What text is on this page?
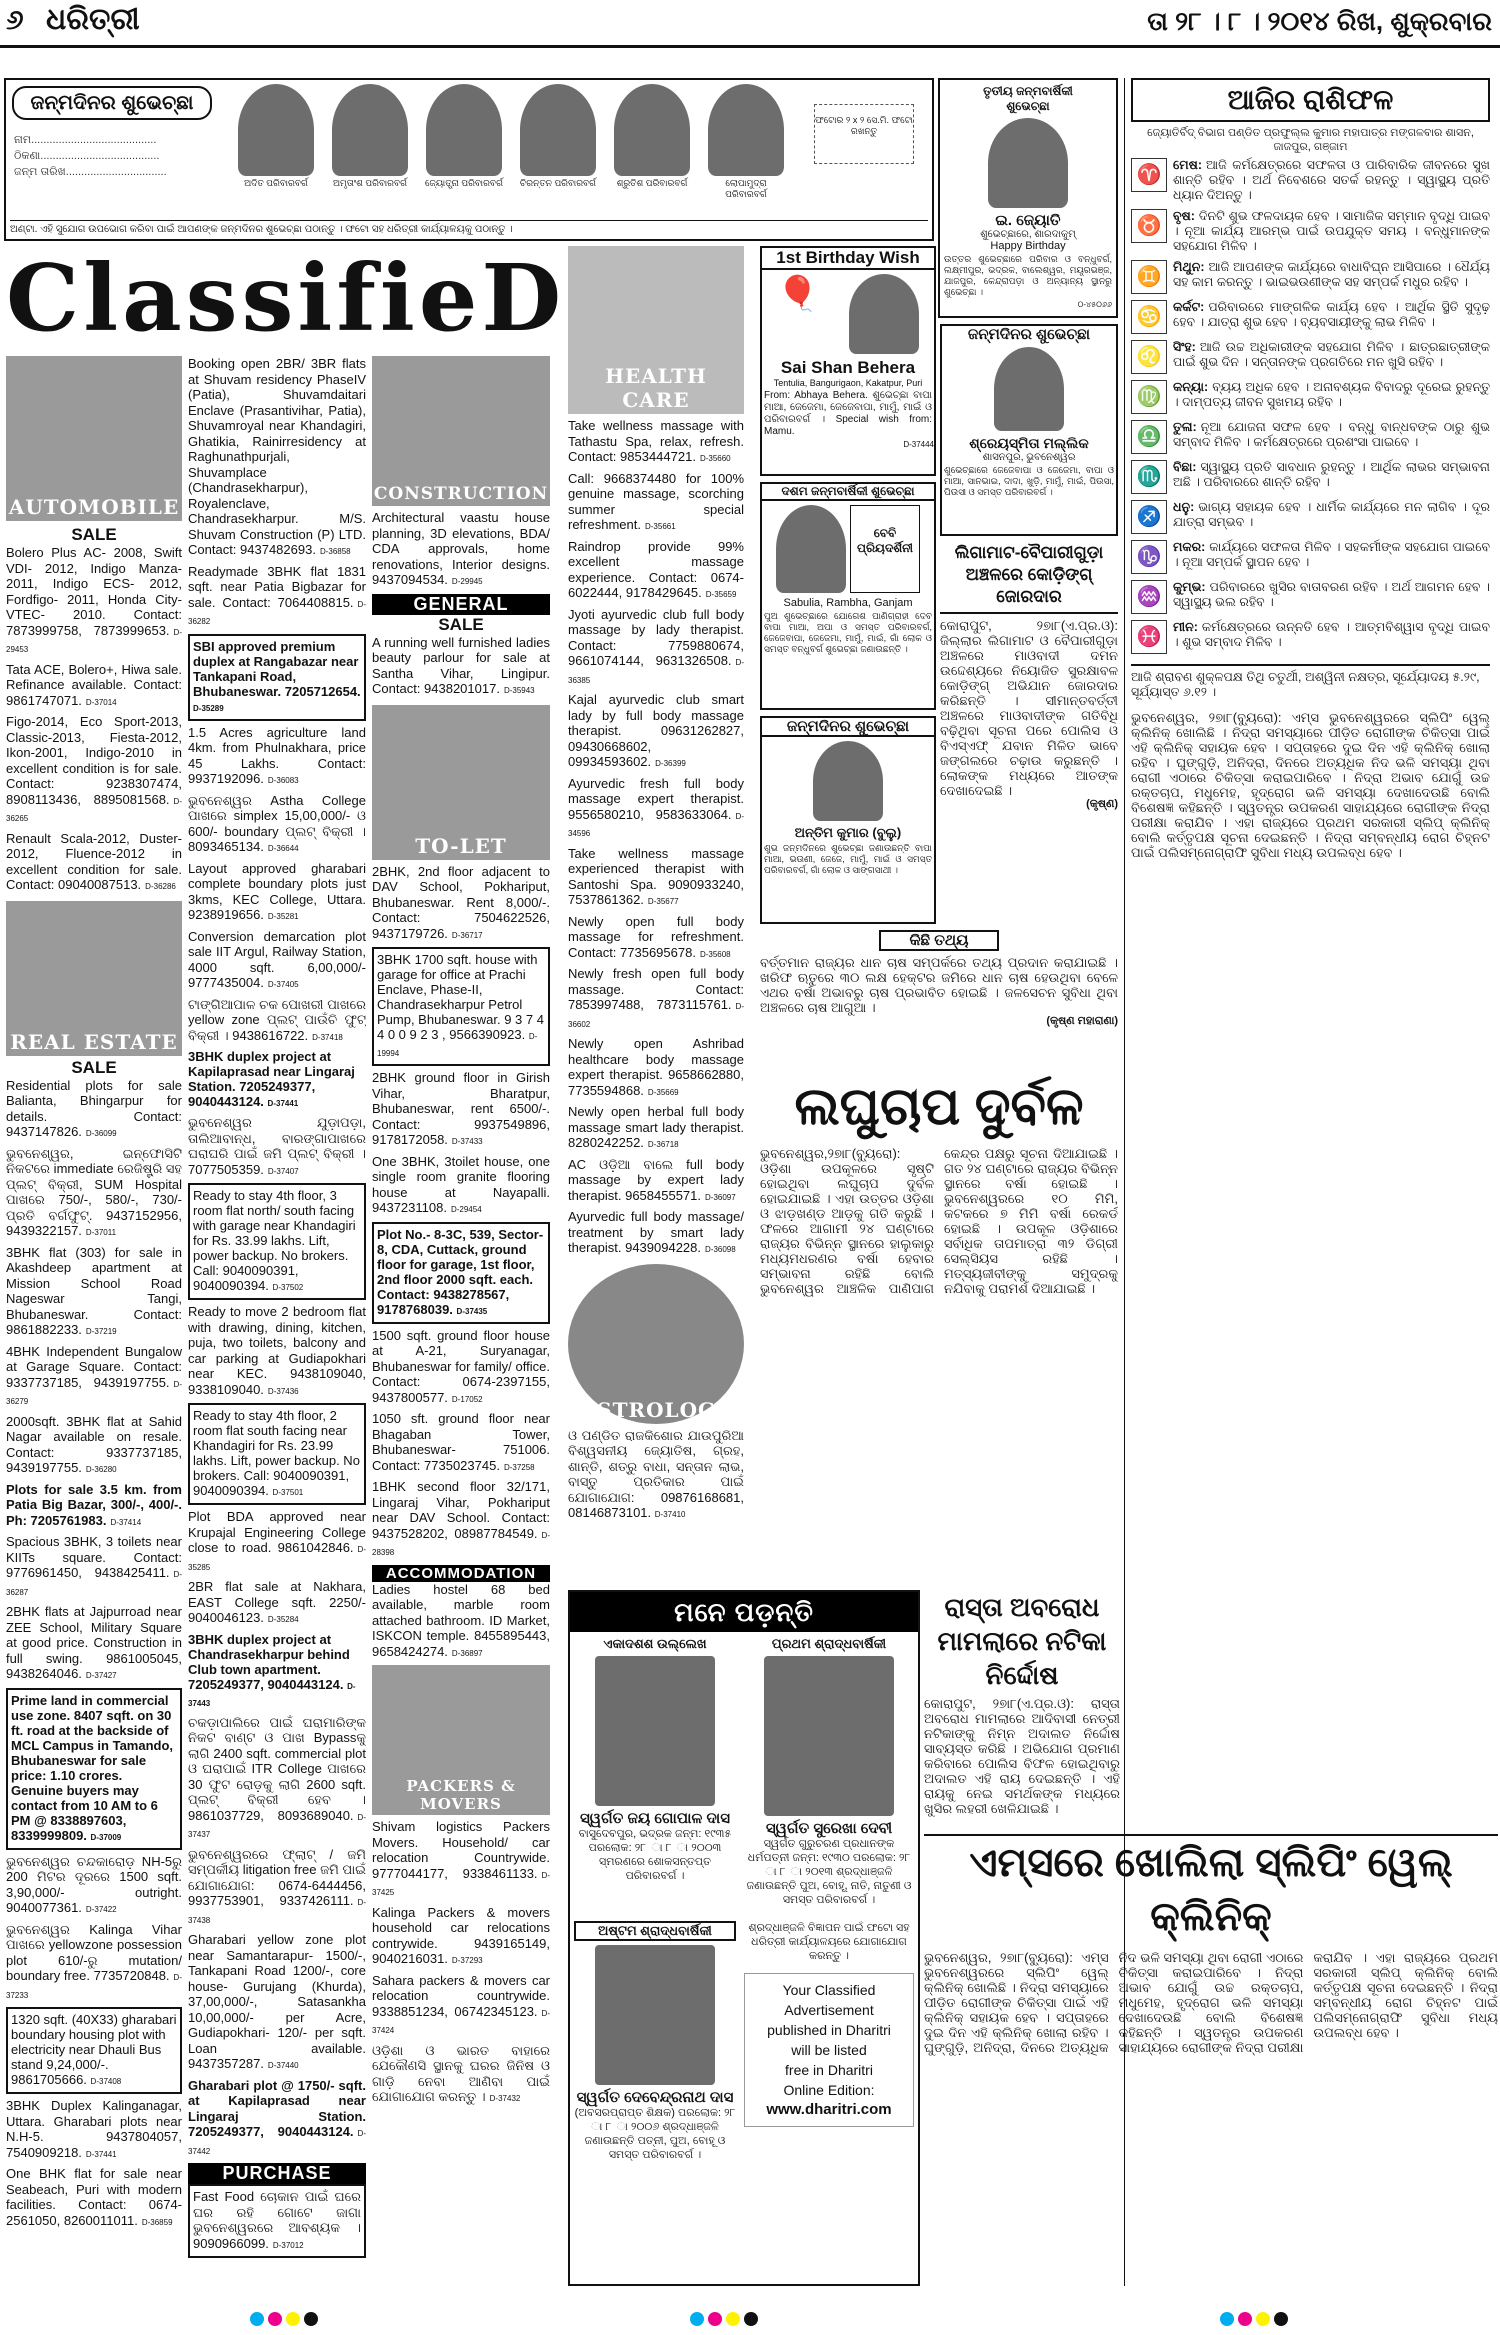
୬ ଧରିତ୍ରୀ	ତା ୨୮ । ୮ । ୨୦୧୪ ରିଖ, ଶୁକ୍ରବାର
ଜନ୍ମଦିନର ଶୁଭେଚ୍ଛା
ନାମ.........................................
ଠିକଣା.......................................
ଜନ୍ମ ତାରିଖ.................................
ଅଦିତ ପରିବାରବର୍ଗ	ଅମୃତାଂଶ ପରିବାରବର୍ଗ	ଜ୍ୟୋତ୍ସ୍ନା ପରିବାରବର୍ଗ ଚିରନ୍ତନ ପରିବାରବର୍ଗ	ଶ୍ରୁତିଶ ପରିବାରବର୍ଗ	ଲୋପାମୁଦ୍ରା ପରିବାରବର୍ଗ
ଫଟୋର ୨ x ୨ ସେ.ମି. ଫଟୋ ରଖନ୍ତୁ
ଅଣ୍ଟା. ଏହି ସୁଯୋଗ ଉପଭୋଗ କରିବା ପାଇଁ ଆପଣଙ୍କ ଜନ୍ମଦିନର ଶୁଭେଚ୍ଛା ପଠାନ୍ତୁ । ଫଟୋ ସହ ଧରିତ୍ରୀ କାର୍ଯ୍ୟାଳୟକୁ ପଠାନ୍ତୁ ।
ତୃତୀୟ ଜନ୍ମବାର୍ଷିକୀ ଶୁଭେଚ୍ଛା
ଇ. ଜ୍ୟୋତି
ଶୁଭେଚ୍ଛାରେ, ଶାରଦାକୁମ୍
Happy Birthday
ଉତ୍ତର ଶୁଭେଚ୍ଛାରେ ପରିବାର ଓ ବନ୍ଧୁବର୍ଗ, ଲକ୍ଷ୍ମୀପୁର, ଭଦ୍ରକ, ବାଲେଶ୍ୱର, ମୟୂରଭଞ୍ଜ, ଯାଜପୁର, କେନ୍ଦ୍ରାପଡ଼ା ଓ ଅନ୍ୟାନ୍ୟ ସ୍ଥାନରୁ ଶୁଭେଚ୍ଛା ।
୦-୪୫୦୬୬
ଆଜିର ରାଶିଫଳ
ଜ୍ୟୋତିର୍ବିଦ୍ ବିଭାଗ ପଣ୍ଡିତ ପ୍ରଫୁଲ୍ଲ କୁମାର ମହାପାତ୍ର ମଙ୍ଗଳବାର ଶାସନ, ଜାଜପୁର, ଗଞ୍ଜାମ
♈ ମେଷ: ଆଜି କର୍ମକ୍ଷେତ୍ରରେ ସଫଳତା ଓ ପାରିବାରିକ ଜୀବନରେ ସୁଖ ଶାନ୍ତି ରହିବ । ଅର୍ଥ ନିବେଶରେ ସତର୍କ ରହନ୍ତୁ । ସ୍ୱାସ୍ଥ୍ୟ ପ୍ରତି ଧ୍ୟାନ ଦିଅନ୍ତୁ ।
♉ ବୃଷ: ଦିନଟି ଶୁଭ ଫଳଦାୟକ ହେବ । ସାମାଜିକ ସମ୍ମାନ ବୃଦ୍ଧି ପାଇବ । ନୂଆ କାର୍ଯ୍ୟ ଆରମ୍ଭ ପାଇଁ ଉପଯୁକ୍ତ ସମୟ । ବନ୍ଧୁମାନଙ୍କ ସହଯୋଗ ମିଳିବ ।
♊ ମିଥୁନ: ଆଜି ଆପଣଙ୍କ କାର୍ଯ୍ୟରେ ବାଧାବିଘ୍ନ ଆସିପାରେ । ଧୈର୍ଯ୍ୟ ସହ କାମ କରନ୍ତୁ । ଭାଇଭଉଣୀଙ୍କ ସହ ସମ୍ପର୍କ ମଧୁର ରହିବ ।
♋ କର୍କଟ: ପରିବାରରେ ମାଙ୍ଗଳିକ କାର୍ଯ୍ୟ ହେବ । ଆର୍ଥିକ ସ୍ଥିତି ସୁଦୃଢ଼ ହେବ । ଯାତ୍ରା ଶୁଭ ହେବ । ବ୍ୟବସାୟୀଙ୍କୁ ଲାଭ ମିଳିବ ।
♌ ସିଂହ: ଆଜି ଉଚ୍ଚ ଅଧିକାରୀଙ୍କ ସହଯୋଗ ମିଳିବ । ଛାତ୍ରଛାତ୍ରୀଙ୍କ ପାଇଁ ଶୁଭ ଦିନ । ସନ୍ତାନଙ୍କ ପ୍ରଗତିରେ ମନ ଖୁସି ରହିବ ।
♍ କନ୍ୟା: ବ୍ୟୟ ଅଧିକ ହେବ । ଅନାବଶ୍ୟକ ବିବାଦରୁ ଦୂରେଇ ରୁହନ୍ତୁ । ଦାମ୍ପତ୍ୟ ଜୀବନ ସୁଖମୟ ରହିବ ।
♎ ତୁଳା: ନୂଆ ଯୋଜନା ସଫଳ ହେବ । ବନ୍ଧୁ ବାନ୍ଧବଙ୍କ ଠାରୁ ଶୁଭ ସମ୍ବାଦ ମିଳିବ । କର୍ମକ୍ଷେତ୍ରରେ ପ୍ରଶଂସା ପାଇବେ ।
♏ ବିଛା: ସ୍ୱାସ୍ଥ୍ୟ ପ୍ରତି ସାବଧାନ ରୁହନ୍ତୁ । ଆର୍ଥିକ ଲାଭର ସମ୍ଭାବନା ଅଛି । ପରିବାରରେ ଶାନ୍ତି ରହିବ ।
♐ ଧନୁ: ଭାଗ୍ୟ ସହାୟକ ହେବ । ଧାର୍ମିକ କାର୍ଯ୍ୟରେ ମନ ଲାଗିବ । ଦୂର ଯାତ୍ରା ସମ୍ଭବ ।
♑ ମକର: କାର୍ଯ୍ୟରେ ସଫଳତା ମିଳିବ । ସହକର୍ମୀଙ୍କ ସହଯୋଗ ପାଇବେ । ନୂଆ ସମ୍ପର୍କ ସ୍ଥାପନ ହେବ ।
♒ କୁମ୍ଭ: ପରିବାରରେ ଖୁସିର ବାତାବରଣ ରହିବ । ଅର୍ଥ ଆଗମନ ହେବ । ସ୍ୱାସ୍ଥ୍ୟ ଭଲ ରହିବ ।
♓ ମୀନ: କର୍ମକ୍ଷେତ୍ରରେ ଉନ୍ନତି ହେବ । ଆତ୍ମବିଶ୍ୱାସ ବୃଦ୍ଧି ପାଇବ । ଶୁଭ ସମ୍ବାଦ ମିଳିବ ।
ଆଜି ଶ୍ରାବଣ ଶୁକ୍ଳପକ୍ଷ ତିଥି ଚତୁର୍ଥୀ, ଅଶ୍ୱିନୀ ନକ୍ଷତ୍ର, ସୂର୍ଯ୍ୟୋଦୟ ୫.୨୯, ସୂର୍ଯ୍ୟାସ୍ତ ୬.୧୨ ।
ଭୁବନେଶ୍ୱର, ୨୭ା୮(ବ୍ୟୁରୋ): ଏମ୍ସ ଭୁବନେଶ୍ୱରରେ ସ୍ଲିପିଂ ୱେଲ୍ କ୍ଲିନିକ୍ ଖୋଲିଛି । ନିଦ୍ରା ସମସ୍ୟାରେ ପୀଡ଼ିତ ରୋଗୀଙ୍କ ଚିକିତ୍ସା ପାଇଁ ଏହି କ୍ଲିନିକ୍ ସହାୟକ ହେବ । ସପ୍ତାହରେ ଦୁଇ ଦିନ ଏହି କ୍ଲିନିକ୍ ଖୋଲା ରହିବ । ଘୁଙ୍ଗୁଡ଼ି, ଅନିଦ୍ରା, ଦିନରେ ଅତ୍ୟଧିକ ନିଦ ଭଳି ସମସ୍ୟା ଥିବା ରୋଗୀ ଏଠାରେ ଚିକିତ୍ସା କରାଇପାରିବେ । ନିଦ୍ରା ଅଭାବ ଯୋଗୁଁ ଉଚ୍ଚ ରକ୍ତଚାପ, ମଧୁମେହ, ହୃଦ୍‌ରୋଗ ଭଳି ସମସ୍ୟା ଦେଖାଦେଉଛି ବୋଲି ବିଶେଷଜ୍ଞ କହିଛନ୍ତି । ସ୍ୱତନ୍ତ୍ର ଉପକରଣ ସାହାଯ୍ୟରେ ରୋଗୀଙ୍କ ନିଦ୍ରା ପରୀକ୍ଷା କରାଯିବ । ଏହା ରାଜ୍ୟରେ ପ୍ରଥମ ସରକାରୀ ସ୍ଲିପ୍ କ୍ଲିନିକ୍ ବୋଲି କର୍ତ୍ତୃପକ୍ଷ ସୂଚନା ଦେଇଛନ୍ତି । ନିଦ୍ରା ସମ୍ବନ୍ଧୀୟ ରୋଗ ଚିହ୍ନଟ ପାଇଁ ପଲିସମ୍ନୋଗ୍ରାଫି ସୁବିଧା ମଧ୍ୟ ଉପଲବ୍ଧ ହେବ ।
ClassifieD
AUTOMOBILE
SALE
Bolero Plus AC- 2008, Swift VDI- 2012, Indigo Manza- 2011, Indigo ECS- 2012, Fordfigo- 2011, Honda City- VTEC- 2010. Contact: 7873999758, 7873999653. D-29453
Tata ACE, Bolero+, Hiwa sale. Refinance available. Contact: 9861747071. D-37014
Figo-2014, Eco Sport-2013, Classic-2013, Fiesta-2012, Ikon-2001, Indigo-2010 in excellent condition is for sale. Contact: 9238307474, 8908113436, 8895081568. D-36265
Renault Scala-2012, Duster-2012, Fluence-2012 in excellent condition for sale. Contact: 09040087513. D-36286
REAL ESTATE
SALE
Residential plots for sale Baliantа, Bhingarpur for details. Contact: 9437147826. D-36099
ଭୁବନେଶ୍ୱର, ଇନ୍ଫୋସିଟି ନିକଟରେ immediate ରେଜିଷ୍ଟ୍ରି ସହ ପ୍ଲଟ୍ ବିକ୍ରୀ, SUM Hospital ପାଖରେ 750/-, 580/-, 730/- ପ୍ରତି ବର୍ଗଫୁଟ୍. 9437152956, 9439322157. D-37011
3BHK flat (303) for sale in Akashdeep apartment at Mission School Road Nageswar Tangi, Bhubaneswar. Contact: 9861882233. D-37219
4BHK Independent Bungalow at Garage Square. Contact: 9337737185, 9439197755. D-36279
2000sqft. 3BHK flat at Sahid Nagar available on resale. Contact: 9337737185, 9439197755. D-36280
Plots for sale 3.5 km. from Patia Big Bazar, 300/-, 400/-. Ph: 7205761983. D-37414
Spacious 3BHK, 3 toilets near KIITs square. Contact: 9776961450, 9438425411. D-36287
2BHK flats at Jajpurroad near ZEE School, Military Square at good price. Construction in full swing. 9861005045, 9438264046. D-37427
Prime land in commercial use zone. 8407 sqft. on 30 ft. road at the backside of MCL Campus in Tamando, Bhubaneswar for sale price: 1.10 crores. Genuine buyers may contact from 10 AM to 6 PM @ 8338897603, 8339999809. D-37009
ଭୁବନେଶ୍ୱର ଚନ୍ଦକାରୋଡ଼ NH-5ରୁ 200 ମିଟର ଦୂରରେ 1500 sqft. 3,90,000/- outright. 9040077361. D-37422
ଭୁବନେଶ୍ୱର Kalinga Vihar ପାଖରେ yellowzone possession plot 610/-ରୁ mutation/ boundary free. 7735720848. D-37233
1320 sqft. (40X33) gharabari boundary housing plot with electricity near Dhauli Bus stand 9,24,000/-. 9861705666. D-37408
3BHK Duplex Kalinganagar, Uttara. Gharabari plots near N.H-5. 9437804057, 7540909218. D-37441
One BHK flat for sale near Seabeach, Puri with modern facilities. Contact: 0674-2561050, 8260011011. D-36859
Booking open 2BR/ 3BR flats at Shuvam residency PhaseIV (Patia), Shuvamdaitari Enclave (Prasantivihar, Patia), Shuvamroyal near Khandagiri, Ghatikia, Rainirresidency at Raghunathpurjali, Shuvamplace (Chandrasekharpur), Royalenclave, Chandrasekharpur. M/S. Shuvam Construction (P) LTD. Contact: 9437482693. D-36858
Readymade 3BHK flat 1831 sqft. near Patia Bigbazar for sale. Contact: 7064408815. D-36282
SBI approved premium duplex at Rangabazar near Tankapani Road, Bhubaneswar. 7205712654. D-35289
1.5 Acres agriculture land 4km. from Phulnakhara, price 45 Lakhs. Contact: 9937192096. D-36083
ଭୁବନେଶ୍ୱର Astha College ପାଖରେ simplex 15,00,000/- ଓ 600/- boundary ପ୍ଲଟ୍ ବିକ୍ରୀ । 8093465134. D-36644
Layout approved gharabari complete boundary plots just 3kms, KEC College, Uttara. 9238919656. D-35281
Conversion demarcation plot sale IIT Argul, Railway Station, 4000 sqft. 6,00,000/- 9777435004. D-37405
ଟାଙ୍ଗିଆପାଳ ଚକ ପୋଖରୀ ପାଖରେ yellow zone ପ୍ଲଟ୍ ପାଉଁଚି ଫୁଟ୍ ବିକ୍ରୀ । 9438616722. D-37418
3BHK duplex project at Kapilaprasad near Lingaraj Station. 7205249377, 9040443124. D-37441
ଭୁବନେଶ୍ୱର ଯୁଡ଼ାପଡ଼ା, ତାଲିଆବାନ୍ଧ, ବାରଙ୍ଗାପାଖରେ ଘରାଘରି ପାଇଁ ଜମି ପ୍ଲଟ୍ ବିକ୍ରୀ । 7077505359. D-37407
Ready to stay 4th floor, 3 room flat north/ south facing with garage near Khandagiri for Rs. 33.99 lakhs. Lift, power backup. No brokers. Call: 9040090391, 9040090394. D-37502
Ready to move 2 bedroom flat with drawing, dining, kitchen, puja, two toilets, balcony and car parking at Gudiapokhari near KEC. 9438109040, 9338109040. D-37436
Ready to stay 4th floor, 2 room flat south facing near Khandagiri for Rs. 23.99 lakhs. Lift, power backup. No brokers. Call: 9040090391, 9040090394. D-37501
Plot BDA approved near Krupajal Engineering College close to road. 9861042846. D-35285
2BR flat sale at Nakhara, EAST College sqft. 2250/- 9040046123. D-35284
3BHK duplex project at Chandrasekharpur behind Club town apartment. 7205249377, 9040443124. D-37443
ଚକଡ଼ାପାଲିରେ ପାଇଁ ଘରାମାରିଙ୍କ ନିକଟ ବାଣ୍ଟ ଓ ପାଖ Bypassକୁ ଲାଗି 2400 sqft. commercial plot ଓ ଘରାପାଇଁ ITR College ପାଖରେ 30 ଫୁଟ ରୋଡ଼କୁ ଲାଗି 2600 sqft. ପ୍ଲଟ୍ ବିକ୍ରୀ ହେବ । 9861037729, 8093689040. D-37437
ଭୁବନେଶ୍ୱରରେ ଫ୍ଲାଟ୍ / ଜମି ସମ୍ପର୍କୀୟ litigation free ଜମି ପାଇଁ ଯୋଗାଯୋଗ: 0674-6444456, 9937753901, 9337426111. D-37438
Gharabari yellow zone plot near Samantarapur- 1500/-, Tankapani Road 1200/-, core house- Gurujang (Khurda), 37,00,000/-, Satasankha 10,00,000/- per Acre, Gudiapokhari- 120/- per sqft. Loan available. 9437357287. D-37440
Gharabari plot @ 1750/- sqft. at Kapilaprasad near Lingaraj Station. 7205249377, 9040443124. D-37442
PURCHASE
Fast Food ଚୋକାନ ପାଇଁ ଘରେ ଘର ରହି ଗୋଟେ ଜାଗା ଭୁବନେଶ୍ୱରରେ ଆବଶ୍ୟକ । 9090966099. D-37012
CONSTRUCTION
Architectural vaastu house planning, 3D elevations, BDA/ CDA approvals, home renovations, Interior designs. 9437094534. D-29945
GENERAL
SALE
A running well furnished ladies beauty parlour for sale at Santha Vihar, Lingipur. Contact: 9438201017. D-35943
TO-LET
2BHK, 2nd floor adjacent to DAV School, Pokhariput, Bhubaneswar. Rent 8,000/-. Contact: 7504622526, 9437179726. D-36717
3BHK 1700 sqft. house with garage for office at Prachi Enclave, Phase-II, Chandrasekharpur Petrol Pump, Bhubaneswar. 9 3 7 4 4 0 0 9 2 3 , 9566390923. D-19994
2BHK ground floor in Girish Vihar, Bharatpur, Bhubaneswar, rent 6500/-. Contact: 9937549896, 9178172058. D-37433
One 3BHK, 3toilet house, one single room granite flooring house at Nayapalli. 9437231108. D-29454
Plot No.- 8-3C, 539, Sector-8, CDA, Cuttack, ground floor for garage, 1st floor, 2nd floor 2000 sqft. each. Contact: 9438278567, 9178768039. D-37435
1500 sqft. ground floor house at A-21, Suryanagar, Bhubaneswar for family/ office. Contact: 0674-2397155, 9437800577. D-17052
1050 sft. ground floor near Bhagaban Tower, Bhubaneswar- 751006. Contact: 7735023745. D-37258
1BHK second floor 32/171, Lingaraj Vihar, Pokhariput near DAV School. Contact: 9437528202, 08987784549. D-28398
ACCOMMODATION
Ladies hostel 68 bed available, marble room attached bathroom. ID Market, ISKCON temple. 8455895443, 9658424274. D-36897
PACKERS & MOVERS
Shivam logistics Packers Movers. Household/ car relocation Countrywide. 9777044177, 9338461133. D-37425
Kalinga Packers & movers household car relocations contrywide. 9439165149, 9040216031. D-37293
Sahara packers & movers car relocation countrywide. 9338851234, 06742345123. D-37424
ଓଡ଼ିଶା ଓ ଭାରତ ବାହାରେ ଯେକୌଣସି ସ୍ଥାନକୁ ଘରର ଜିନିଷ ଓ ଗାଡ଼ି ନେବା ଆଣିବା ପାଇଁ ଯୋଗାଯୋଗ କରନ୍ତୁ । D-37432
HEALTH CARE
Take wellness massage with Tathastu Spa, relax, refresh. Contact: 9853444721. D-35660
Call: 9668374480 for 100% genuine massage, scorching summer special refreshment. D-35661
Raindrop provide 99% excellent massage experience. Contact: 0674-6022444, 9178429645. D-35659
Jyoti ayurvedic club full body massage by lady therapist. Contact: 7759880674, 9661074144, 9631326508. D-36385
Kajal ayurvedic club smart lady by full body massage therapist. 09631262827, 09430668602, 09934593602. D-36399
Ayurvedic fresh full body massage expert therapist. 9556580210, 9583633064. D-34596
Take wellness massage experienced therapist with Santoshi Spa. 9090933240, 7537861362. D-35677
Newly open full body massage for refreshment. Contact: 7735695678. D-35608
Newly fresh open full body massage. Contact: 7853997488, 7873115761. D-36602
Newly open Ashribad healthcare body massage expert therapist. 9658662880, 7735594868. D-35669
Newly open herbal full body massage smart lady therapist. 8280242252. D-36718
AC ଓଡ଼ିଆ ବାଲେ full body massage by expert lady therapist. 9658455571. D-36097
Ayurvedic full body massage/ treatment by smart lady therapist. 9439094228. D-36098
ASTROLOGY
ଓ ପଣ୍ଡିତ ରାଜକିଶୋର ଯାଉପୁରିଆ ବିଶ୍ୱସନୀୟ ଜ୍ୟୋତିଷ, ଗ୍ରହ, ଶାନ୍ତି, ଶତ୍ରୁ ବାଧା, ସନ୍ତାନ ଲାଭ, ବାସ୍ତୁ ପ୍ରତିକାର ପାଇଁ ଯୋଗାଯୋଗ: 09876168681, 08146873101. D-37410
1st Birthday Wish
🎈
Sai Shan Behera
Tentulia, Bangurigaon, Kakatpur, Puri
From: Abhaya Behera. ଶୁଭେଚ୍ଛା ବାପା ମାଆ, ଜେଜେମା, ଜେଜେବାପା, ମାମୁଁ, ମାଇଁ ଓ ପରିବାରବର୍ଗ । Special wish from: Mamu.
D-37444
ଦଶମ ଜନ୍ମବାର୍ଷିକୀ ଶୁଭେଚ୍ଛା
ବେବି ପ୍ରିୟଦର୍ଶିନୀ
Sabulia, Rambha, Ganjam
ପୁଅ ଶୁଭେଚ୍ଛାରେ ଯୋଗେଶ ପାଣିଗ୍ରାହୀ ଦେବ ବାପା ମାଆ, ଅପା ଓ ସମସ୍ତ ପରିବାରବର୍ଗ, ଜେଜେବାପା, ଜେଜେମା, ମାମୁଁ, ମାଇଁ, ଗାଁ ଲୋକ ଓ ସମସ୍ତ ବନ୍ଧୁବର୍ଗ ଶୁଭେଚ୍ଛା ଜଣାଉଛନ୍ତି ।
ଜନ୍ମଦିନର ଶୁଭେଚ୍ଛା
ଅନ୍ତିମ କୁମାର (ବୁଲୁ)
ଶୁଭ ଜନ୍ମଦିନରେ ଶୁଭେଚ୍ଛା ଜଣାଉଛନ୍ତି ବାପା ମାଆ, ଭଉଣୀ, ଜେଜେ, ମାମୁଁ, ମାଇଁ ଓ ସମସ୍ତ ପରିବାରବର୍ଗ, ଗାଁ ଲୋକ ଓ ସାଙ୍ଗସାଥୀ ।
ଜନ୍ମଦିନର ଶୁଭେଚ୍ଛା
ଶ୍ରେୟସ୍ମିତା ମଲ୍ଲିକ
ଶାସନପୁର, ଭୁବନେଶ୍ୱର
ଶୁଭେଚ୍ଛାରେ ଜେଜେବାପା ଓ ଜେଜେମା, ବାପା ଓ ମାଆ, ସାନଭାଇ, ଦାଦା, ଖୁଡ଼ି, ମାମୁଁ, ମାଇଁ, ପିଉସା, ପିଉସୀ ଓ ସମସ୍ତ ପରିବାରବର୍ଗ ।
ଲିଗାମାଟ-ବୈପାରୀଗୁଡ଼ା ଅଞ୍ଚଳରେ କୋଡ଼ିଙ୍ଗ୍ ଜୋରଦାର
କୋରାପୁଟ, ୨୭ା୮(ଏ.ପ୍ର.ଓ): ଜିଲ୍ଲାର ଲିଗାମାଟ ଓ ବୈପାରୀଗୁଡ଼ା ଅଞ୍ଚଳରେ ମାଓବାଦୀ ଦମନ ଉଦ୍ଦେଶ୍ୟରେ ନିୟୋଜିତ ସୁରକ୍ଷାବଳ କୋଡ଼ିଙ୍ଗ୍ ଅଭିଯାନ ଜୋରଦାର କରିଛନ୍ତି । ସୀମାନ୍ତବର୍ତ୍ତୀ ଅଞ୍ଚଳରେ ମାଓବାଦୀଙ୍କ ଗତିବିଧି ବଢ଼ିଥିବା ସୂଚନା ପରେ ପୋଲିସ ଓ ବିଏସ୍ଏଫ୍ ଯବାନ ମିଳିତ ଭାବେ ଜଙ୍ଗଲରେ ଚଢ଼ାଉ କରୁଛନ୍ତି । ଲୋକଙ୍କ ମଧ୍ୟରେ ଆତଙ୍କ ଦେଖାଦେଇଛି ।
(କୃଷ୍ଣ)
କିଛି ତଥ୍ୟ
ବର୍ତ୍ତମାନ ରାଜ୍ୟର ଧାନ ଚାଷ ସମ୍ପର୍କରେ ତଥ୍ୟ ପ୍ରଦାନ କରାଯାଇଛି । ଖରିଫ ଋତୁରେ ୩୦ ଲକ୍ଷ ହେକ୍ଟର ଜମିରେ ଧାନ ଚାଷ ହେଉଥିବା ବେଳେ ଏଥର ବର୍ଷା ଅଭାବରୁ ଚାଷ ପ୍ରଭାବିତ ହୋଇଛି । ଜଳସେଚନ ସୁବିଧା ଥିବା ଅଞ୍ଚଳରେ ଚାଷ ଆଗୁଆ ।
(କୃଷ୍ଣ ମହାରାଣା)
ଲଘୁଚାପ ଦୁର୍ବଳ
ଭୁବନେଶ୍ୱର,୨୭ା୮(ବ୍ୟୁରୋ): ଓଡ଼ିଶା ଉପକୂଳରେ ସୃଷ୍ଟି ହୋଇଥିବା ଲଘୁଚାପ ଦୁର୍ବଳ ହୋଇଯାଇଛି । ଏହା ଉତ୍ତର ଓଡ଼ିଶା ଓ ଝାଡ଼ଖଣ୍ଡ ଆଡ଼କୁ ଗତି କରୁଛି । ଫଳରେ ଆଗାମୀ ୨୪ ଘଣ୍ଟାରେ ରାଜ୍ୟର ବିଭିନ୍ନ ସ୍ଥାନରେ ହାଲୁକାରୁ ମଧ୍ୟମଧରଣର ବର୍ଷା ହେବାର ସମ୍ଭାବନା ରହିଛି ବୋଲି ଭୁବନେଶ୍ୱର ଆଞ୍ଚଳିକ ପାଣିପାଗ କେନ୍ଦ୍ର ପକ୍ଷରୁ ସୂଚନା ଦିଆଯାଇଛି । ଗତ ୨୪ ଘଣ୍ଟାରେ ରାଜ୍ୟର ବିଭିନ୍ନ ସ୍ଥାନରେ ବର୍ଷା ହୋଇଛି । ଭୁବନେଶ୍ୱରରେ ୧୦ ମିମି, କଟକରେ ୭ ମିମି ବର୍ଷା ରେକର୍ଡ ହୋଇଛି । ଉପକୂଳ ଓଡ଼ିଶାରେ ସର୍ବାଧିକ ତାପମାତ୍ରା ୩୨ ଡିଗ୍ରୀ ସେଲ୍ସିୟସ ରହିଛି । ମତ୍ସ୍ୟଜୀବୀଙ୍କୁ ସମୁଦ୍ରକୁ ନଯିବାକୁ ପରାମର୍ଶ ଦିଆଯାଇଛି ।
ମନେ ପଡ଼ନ୍ତି
ଏକାଦଶଶ ଉଲ୍ଲେଖ
ସ୍ୱର୍ଗତ ଜୟ ଗୋପାଳ ଦାସ
ବାସୁଦେବପୁର, ଭଦ୍ରକ ଜନ୍ମ: ୧୯୩୫ ପରଲୋକ: ୨୮ ା ୮ ା ୨୦୦୩ ସ୍ମରଣରେ ଶୋକସନ୍ତପ୍ତ ପରିବାରବର୍ଗ ।
ପ୍ରଥମ ଶ୍ରାଦ୍ଧବାର୍ଷିକୀ
ସ୍ୱର୍ଗତ ସୁରେଖା ଦେବୀ
ସ୍ୱର୍ଗତ ଗୁରୁଚରଣ ପ୍ରଧାନଙ୍କ ଧର୍ମପତ୍ନୀ ଜନ୍ମ: ୧୯୩୦ ପରଲୋକ: ୨୮ ା ୮ ା ୨୦୧୩ ଶ୍ରଦ୍ଧାଞ୍ଜଳି ଜଣାଉଛନ୍ତି ପୁଅ, ବୋହୂ, ନାତି, ନାତୁଣୀ ଓ ସମସ୍ତ ପରିବାରବର୍ଗ ।
ଅଷ୍ଟମ ଶ୍ରାଦ୍ଧବାର୍ଷିକୀ
ସ୍ୱର୍ଗତ ଦେବେନ୍ଦ୍ରନାଥ ଦାସ
(ଅବସରପ୍ରାପ୍ତ ଶିକ୍ଷକ) ପରଲୋକ: ୨୮ ା ୮ ା ୨୦୦୬ ଶ୍ରଦ୍ଧାଞ୍ଜଳି ଜଣାଉଛନ୍ତି ପତ୍ନୀ, ପୁଅ, ବୋହୂ ଓ ସମସ୍ତ ପରିବାରବର୍ଗ ।
ଶ୍ରଦ୍ଧାଞ୍ଜଳି ବିଜ୍ଞାପନ ପାଇଁ ଫଟୋ ସହ ଧରିତ୍ରୀ କାର୍ଯ୍ୟାଳୟରେ ଯୋଗାଯୋଗ କରନ୍ତୁ ।
Your Classified
Advertisement
published in Dharitri
will be listed
free in Dharitri
Online Edition:
www.dharitri.com
ରାସ୍ତା ଅବରୋଧ ମାମଲାରେ ନଟିକା ନିର୍ଦ୍ଦୋଷ
କୋରାପୁଟ, ୨୭ା୮(ଏ.ପ୍ର.ଓ): ରାସ୍ତା ଅବରୋଧ ମାମଲାରେ ଆଦିବାସୀ ନେତ୍ରୀ ନଟିକାଙ୍କୁ ନିମ୍ନ ଅଦାଲତ ନିର୍ଦ୍ଦୋଷ ସାବ୍ୟସ୍ତ କରିଛି । ଅଭିଯୋଗ ପ୍ରମାଣ କରିବାରେ ପୋଲିସ ବିଫଳ ହୋଇଥିବାରୁ ଅଦାଲତ ଏହି ରାୟ ଦେଇଛନ୍ତି । ଏହି ରାୟକୁ ନେଇ ସମର୍ଥକଙ୍କ ମଧ୍ୟରେ ଖୁସିର ଲହରୀ ଖେଳିଯାଇଛି ।
ଏମ୍ସରେ ଖୋଲିଲା ସ୍ଲିପିଂ ୱେଲ୍ କ୍ଲିନିକ୍
ଭୁବନେଶ୍ୱର, ୨୭ା୮(ବ୍ୟୁରୋ): ଏମ୍ସ ଭୁବନେଶ୍ୱରରେ ସ୍ଲିପିଂ ୱେଲ୍ କ୍ଲିନିକ୍ ଖୋଲିଛି । ନିଦ୍ରା ସମସ୍ୟାରେ ପୀଡ଼ିତ ରୋଗୀଙ୍କ ଚିକିତ୍ସା ପାଇଁ ଏହି କ୍ଲିନିକ୍ ସହାୟକ ହେବ । ସପ୍ତାହରେ ଦୁଇ ଦିନ ଏହି କ୍ଲିନିକ୍ ଖୋଲା ରହିବ । ଘୁଙ୍ଗୁଡ଼ି, ଅନିଦ୍ରା, ଦିନରେ ଅତ୍ୟଧିକ ନିଦ ଭଳି ସମସ୍ୟା ଥିବା ରୋଗୀ ଏଠାରେ ଚିକିତ୍ସା କରାଇପାରିବେ । ନିଦ୍ରା ଅଭାବ ଯୋଗୁଁ ଉଚ୍ଚ ରକ୍ତଚାପ, ମଧୁମେହ, ହୃଦ୍‌ରୋଗ ଭଳି ସମସ୍ୟା ଦେଖାଦେଉଛି ବୋଲି ବିଶେଷଜ୍ଞ କହିଛନ୍ତି । ସ୍ୱତନ୍ତ୍ର ଉପକରଣ ସାହାଯ୍ୟରେ ରୋଗୀଙ୍କ ନିଦ୍ରା ପରୀକ୍ଷା କରାଯିବ । ଏହା ରାଜ୍ୟରେ ପ୍ରଥମ ସରକାରୀ ସ୍ଲିପ୍ କ୍ଲିନିକ୍ ବୋଲି କର୍ତ୍ତୃପକ୍ଷ ସୂଚନା ଦେଇଛନ୍ତି । ନିଦ୍ରା ସମ୍ବନ୍ଧୀୟ ରୋଗ ଚିହ୍ନଟ ପାଇଁ ପଲିସମ୍ନୋଗ୍ରାଫି ସୁବିଧା ମଧ୍ୟ ଉପଲବ୍ଧ ହେବ ।
